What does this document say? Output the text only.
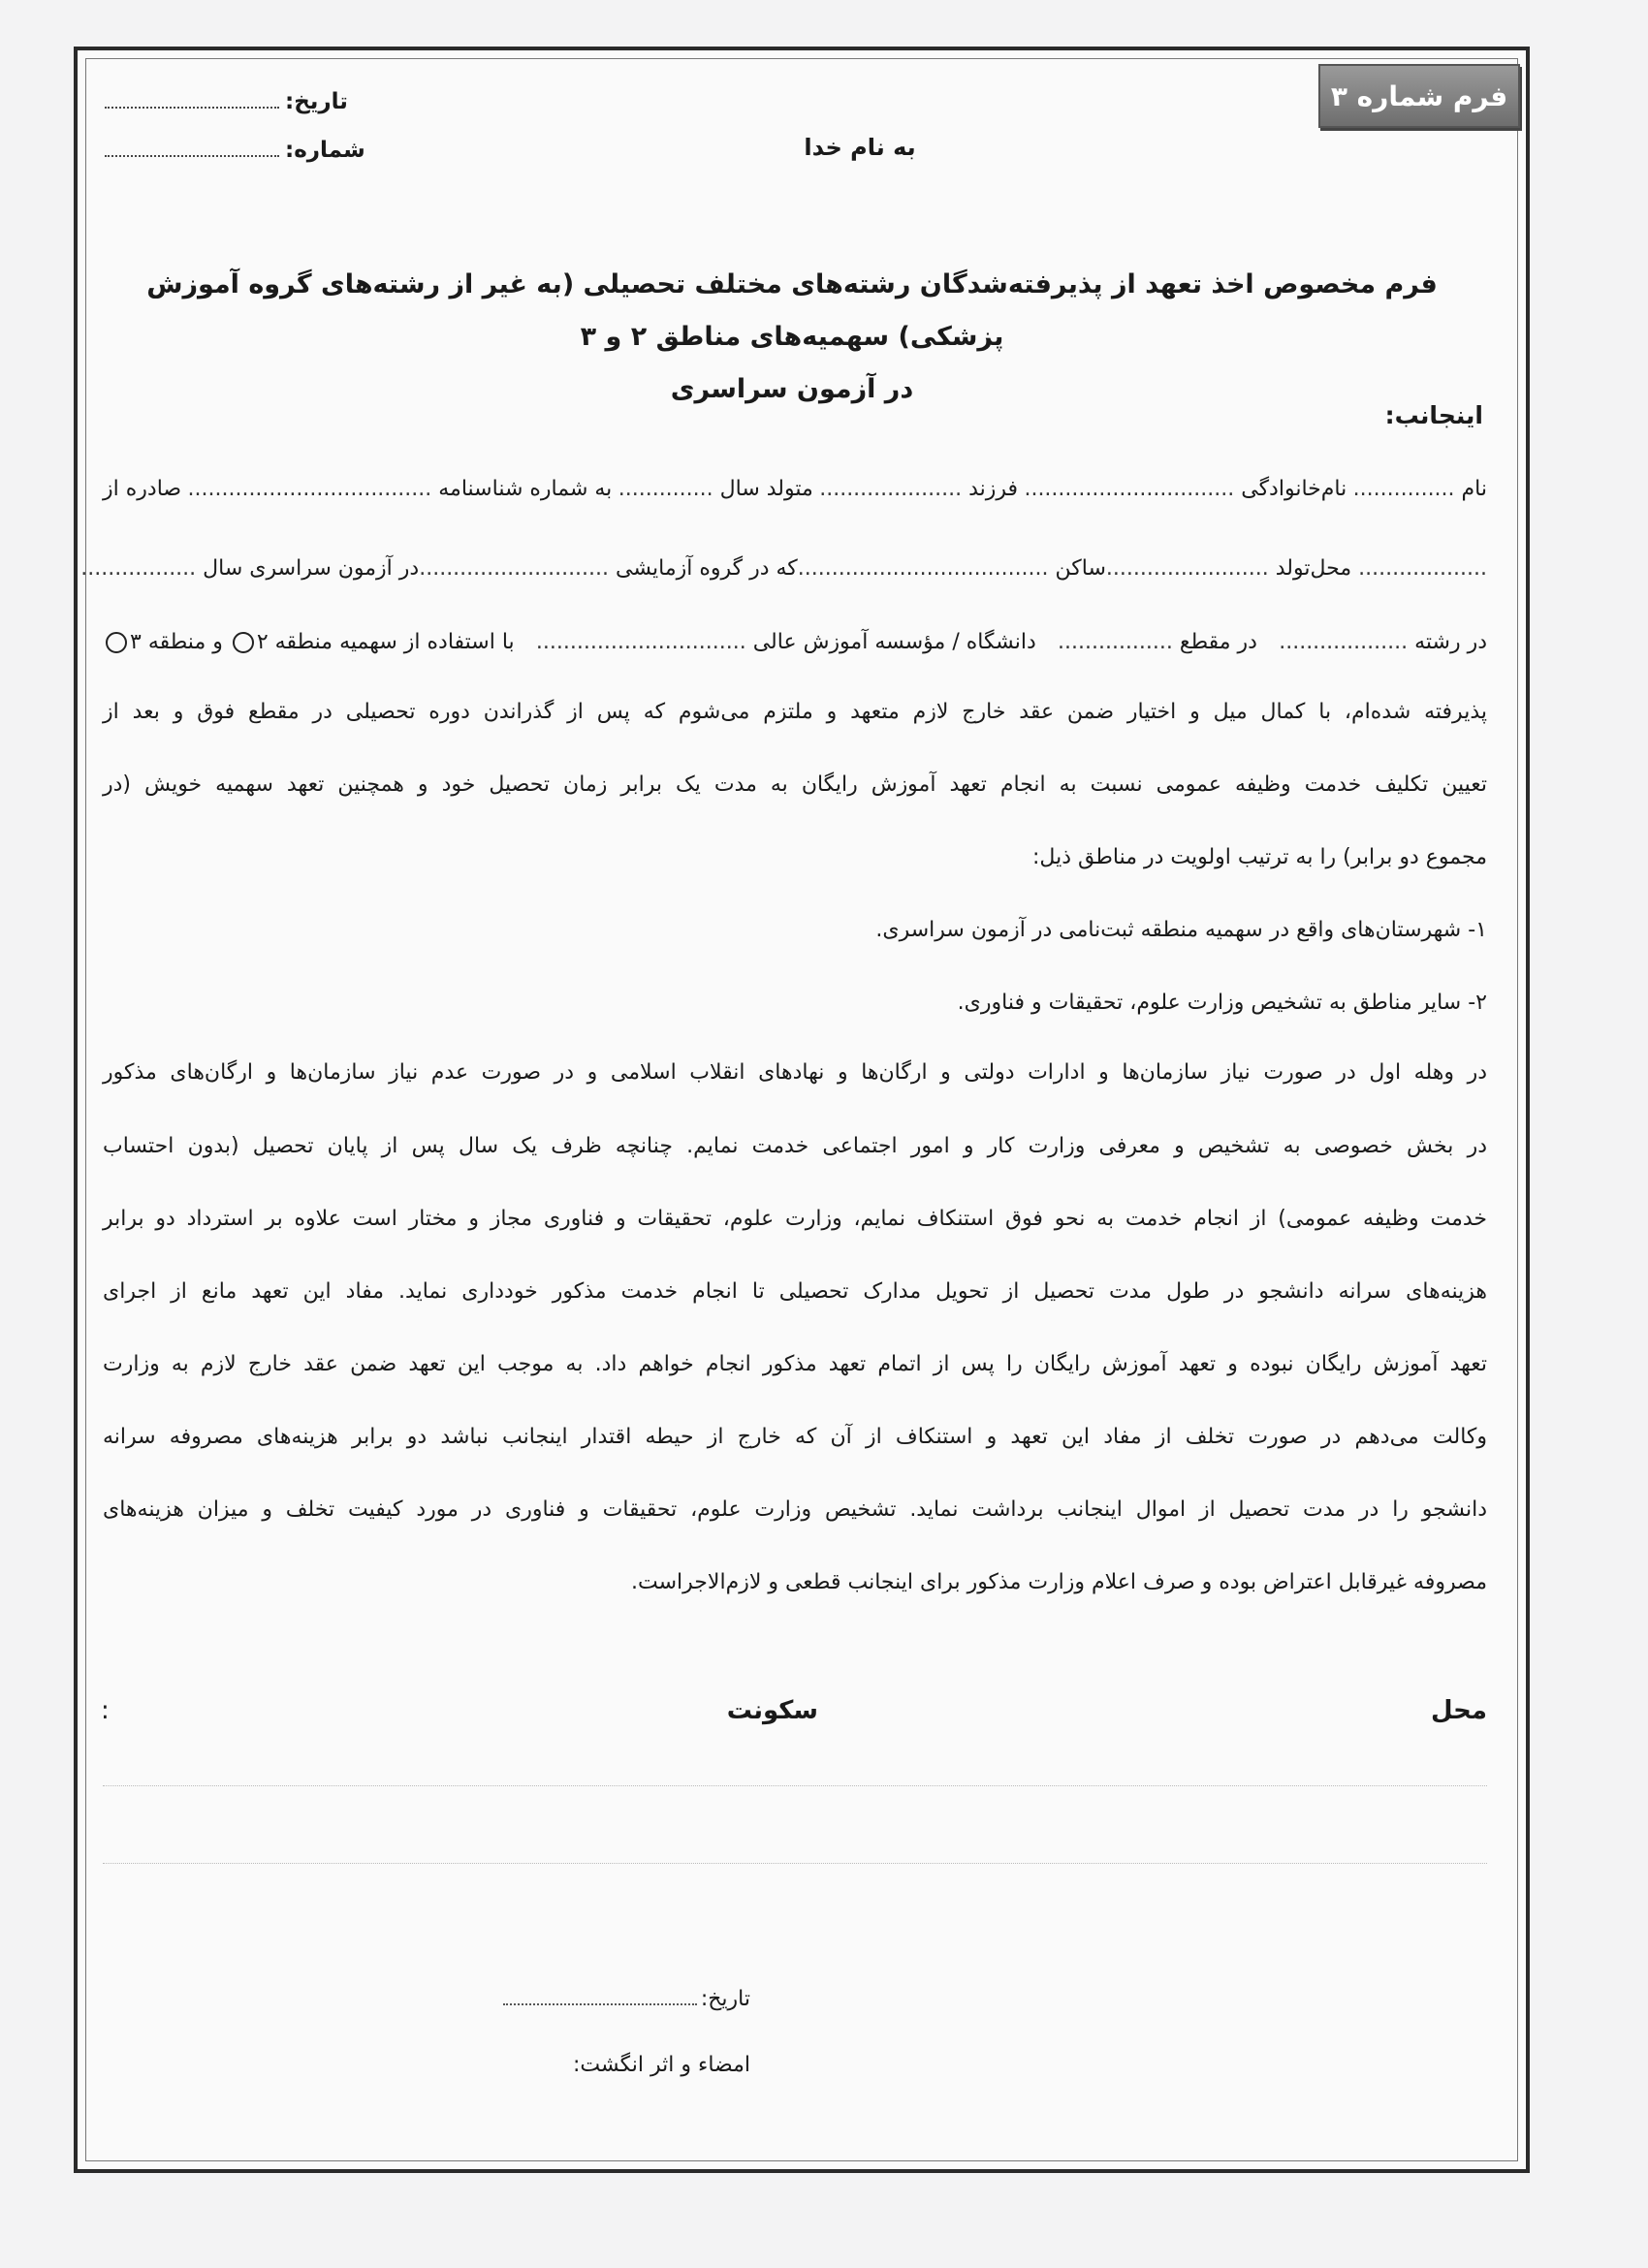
فرم شماره ۳
تاریخ:
شماره:	به نام خدا
فرم مخصوص اخذ تعهد از پذیرفته‌شدگان رشته‌های مختلف تحصیلی (به غیر از رشته‌های گروه آموزش پزشکی) سهمیه‌های مناطق ۲ و ۳
در آزمون سراسری
اینجانب:
نام ...............
نام‌خانوادگی ...............................
فرزند .....................
متولد سال ..............
به شماره شناسنامه ....................................
صادره از
................... محل‌تولد ........................
ساکن .....................................
که در گروه آزمایشی ............................
در آزمون سراسری سال .................
در رشته ...................
در مقطع .................
دانشگاه / مؤسسه آموزش عالی ...............................
با استفاده از سهمیه منطقه ۲ و منطقه ۳
پذیرفته شده‌ام، با کمال میل و اختیار ضمن عقد خارج لازم متعهد و ملتزم می‌شوم که پس از گذراندن دوره تحصیلی در مقطع فوق و بعد از
تعیین تکلیف خدمت وظیفه عمومی نسبت به انجام تعهد آموزش رایگان به مدت یک برابر زمان تحصیل خود و همچنین تعهد سهمیه خویش (در
مجموع دو برابر) را به ترتیب اولویت در مناطق ذیل:
۱- شهرستان‌های واقع در سهمیه منطقه ثبت‌نامی در آزمون سراسری.
۲- سایر مناطق به تشخیص وزارت علوم، تحقیقات و فناوری.
در وهله اول در صورت نیاز سازمان‌ها و ادارات دولتی و ارگان‌ها و نهادهای انقلاب اسلامی و در صورت عدم نیاز سازمان‌ها و ارگان‌های مذکور
در بخش خصوصی به تشخیص و معرفی وزارت کار و امور اجتماعی خدمت نمایم. چنانچه ظرف یک سال پس از پایان تحصیل (بدون احتساب
خدمت وظیفه عمومی) از انجام خدمت به نحو فوق استنکاف نمایم، وزارت علوم، تحقیقات و فناوری مجاز و مختار است علاوه بر استرداد دو برابر
هزینه‌های سرانه دانشجو در طول مدت تحصیل از تحویل مدارک تحصیلی تا انجام خدمت مذکور خودداری نماید. مفاد این تعهد مانع از اجرای
تعهد آموزش رایگان نبوده و تعهد آموزش رایگان را پس از اتمام تعهد مذکور انجام خواهم داد. به موجب این تعهد ضمن عقد خارج لازم به وزارت
وکالت می‌دهم در صورت تخلف از مفاد این تعهد و استنکاف از آن که خارج از حیطه اقتدار اینجانب نباشد دو برابر هزینه‌های مصروفه سرانه
دانشجو را در مدت تحصیل از اموال اینجانب برداشت نماید. تشخیص وزارت علوم، تحقیقات و فناوری در مورد کیفیت تخلف و میزان هزینه‌های
مصروفه غیرقابل اعتراض بوده و صرف اعلام وزارت مذکور برای اینجانب قطعی و لازم‌الاجراست.
محل
سکونت
:
تاریخ:
امضاء و اثر انگشت:
